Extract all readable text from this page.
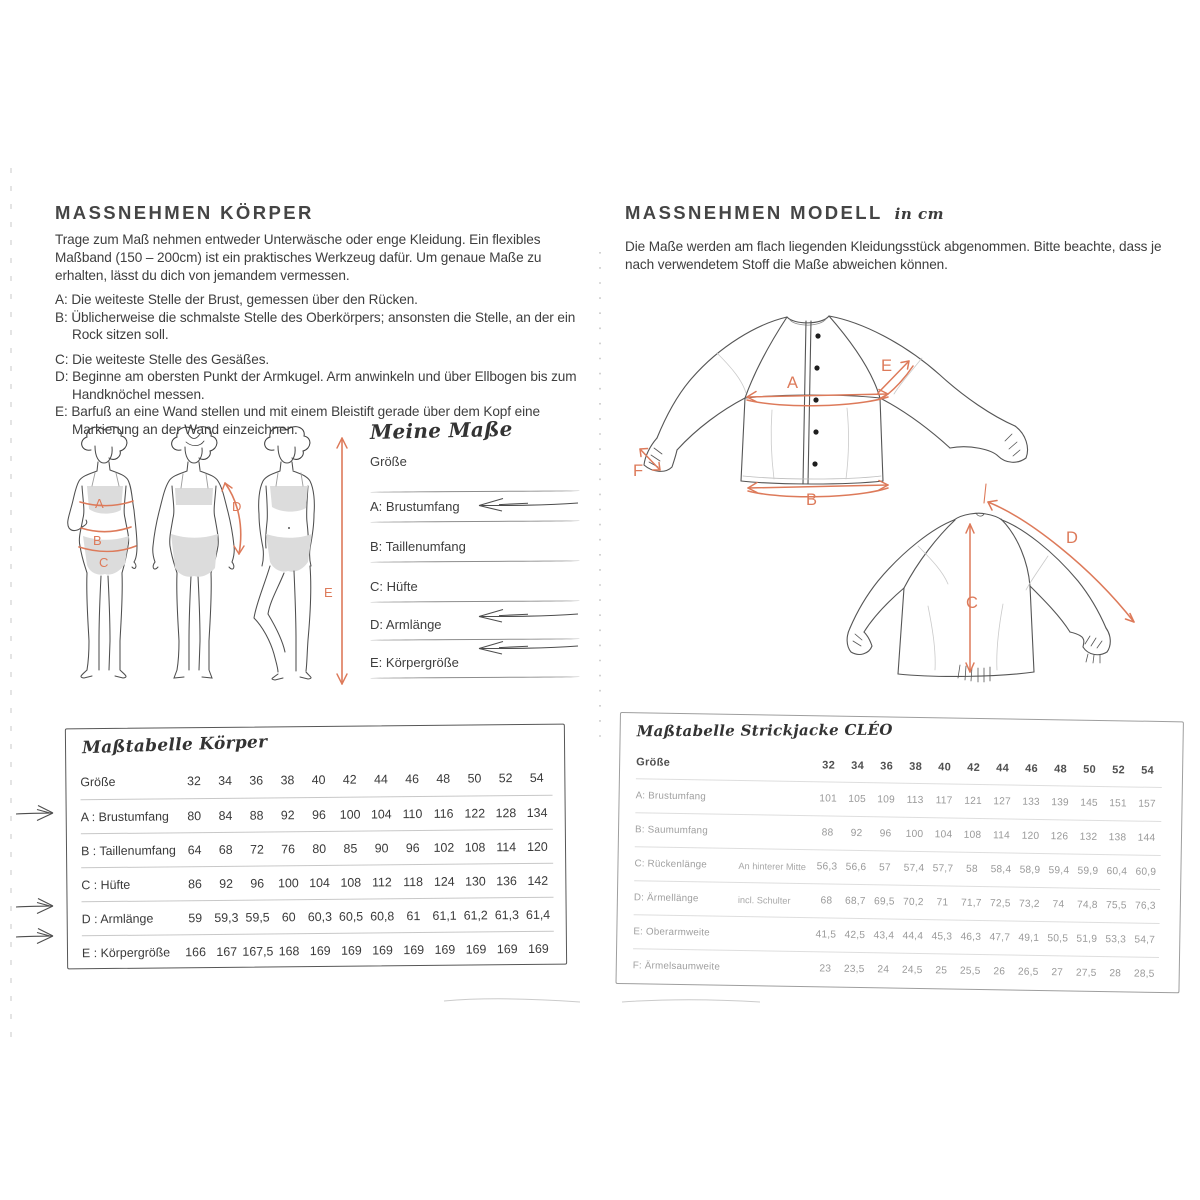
MASSNEHMEN KÖRPER
Trage zum Maß nehmen entweder Unterwäsche oder enge Kleidung. Ein flexibles Maßband (150 – 200cm) ist ein praktisches Werkzeug dafür. Um genaue Maße zu erhalten, lässt du dich von jemandem vermessen.
A: Die weiteste Stelle der Brust, gemessen über den Rücken.
B: Üblicherweise die schmalste Stelle des Oberkörpers; ansonsten die Stelle, an der ein Rock sitzen soll.
C: Die weiteste Stelle des Gesäßes.
D: Beginne am obersten Punkt der Armkugel. Arm anwinkeln und über Ellbogen bis zum Handknöchel messen.
E: Barfuß an eine Wand stellen und mit einem Bleistift gerade über dem Kopf eine Markierung an der Wand einzeichnen.
A
B
C
D
E
Meine Maße
Größe
A: Brustumfang
B: Taillenumfang
C: Hüfte
D: Armlänge
E: Körpergröße
Maßtabelle Körper
Größe	32	34	36	38	40	42	44	46	48	50	52	54
A : Brustumfang	80	84	88	92	96	100 104 110 116 122 128 134
B : Taillenumfang 64	68	72	76	80	85	90	96	102 108 114 120
C : Hüfte	86	92	96	100 104 108 112 118 124 130 136 142
D : Armlänge	59 59,3 59,5 60 60,3 60,5 60,8 61 61,1 61,2 61,3 61,4
E : Körpergröße	166 167 167,5 168 169 169 169 169 169 169 169 169
MASSNEHMEN MODELL in cm
Die Maße werden am flach liegenden Kleidungsstück abgenommen. Bitte beachte, dass je nach verwendetem Stoff die Maße abweichen können.
A
B
C
D
E
F
Maßtabelle Strickjacke CLÉO
Größe	32	34	36	38	40	42	44	46	48	50	52	54
A: Brustumfang	101	105	109	113	117	121	127	133	139	145	151	157
B: Saumumfang	88	92	96	100	104	108	114	120	126	132	138	144
C: Rückenlänge	An hinterer Mitte	56,3 56,6	57	57,4 57,7	58	58,4 58,9 59,4 59,9 60,4 60,9
D: Ärmellänge	incl. Schulter	68	68,7 69,5 70,2	71	71,7 72,5 73,2	74	74,8 75,5 76,3
E: Oberarmweite	41,5 42,5 43,4 44,4 45,3 46,3 47,7 49,1 50,5 51,9 53,3 54,7
F: Ärmelsaumweite	23	23,5	24	24,5	25	25,5	26	26,5	27	27,5	28	28,5
